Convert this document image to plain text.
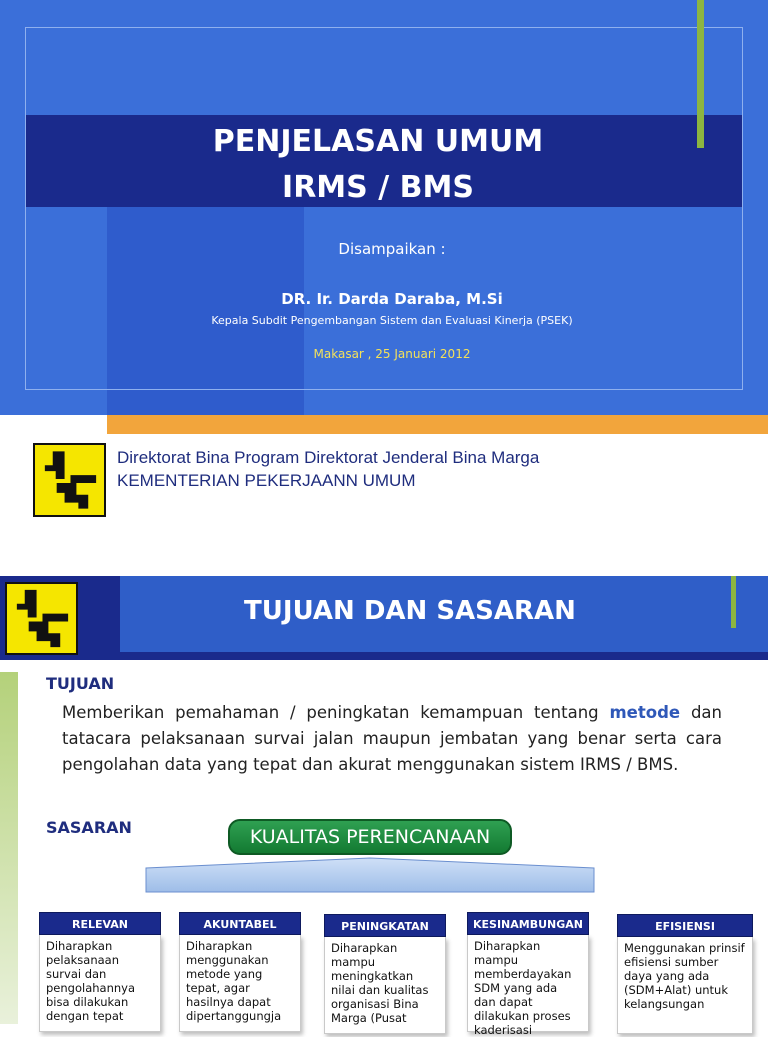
PENJELASAN UMUM
IRMS / BMS
Disampaikan :
DR. Ir. Darda Daraba, M.Si
Kepala Subdit Pengembangan Sistem dan Evaluasi Kinerja (PSEK)
Makasar , 25 Januari 2012
Direktorat Bina Program Direktorat Jenderal Bina Marga
KEMENTERIAN PEKERJAANN UMUM
TUJUAN DAN SASARAN
TUJUAN
Memberikan pemahaman / peningkatan kemampuan tentang metode dan tatacara pelaksanaan survai jalan maupun jembatan yang benar serta cara pengolahan data yang tepat dan akurat menggunakan sistem IRMS / BMS.
SASARAN	KUALITAS PERENCANAAN
RELEVAN
Diharapkan pelaksanaan survai dan pengolahannya bisa dilakukan dengan tepat
AKUNTABEL
Diharapkan menggunakan metode yang tepat, agar hasilnya dapat dipertanggungja
PENINGKATAN
Diharapkan mampu meningkatkan nilai dan kualitas organisasi Bina Marga (Pusat
KESINAMBUNGAN
Diharapkan mampu memberdayakan SDM yang ada dan dapat dilakukan proses kaderisasi
EFISIENSI
Menggunakan prinsif efisiensi sumber daya yang ada (SDM+Alat) untuk kelangsungan
